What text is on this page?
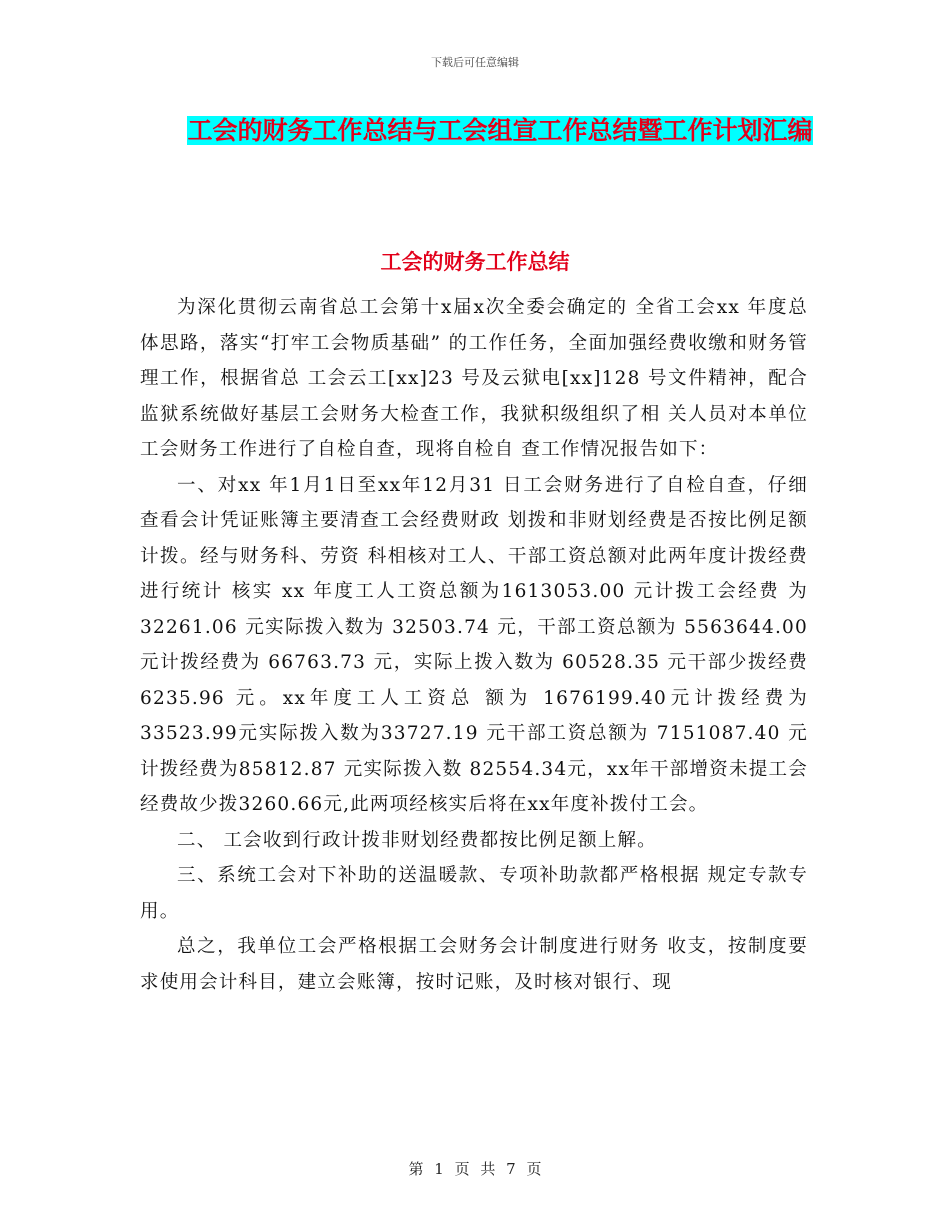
下载后可任意编辑
工会的财务工作总结与工会组宣工作总结暨工作计划汇编
工会的财务工作总结

为深化贯彻云南省总工会第十x届x次全委会确定的 全省工会xx 年度总体思路，落实“打牢工会物质基础” 的工作任务，全面加强经费收缴和财务管理工作，根据省总 工会云工[xx]23 号及云狱电[xx]128 号文件精神，配合 监狱系统做好基层工会财务大检查工作，我狱积级组织了相 关人员对本单位工会财务工作进行了自检自查，现将自检自 查工作情况报告如下：

一、对xx 年1月1日至xx年12月31 日工会财务进行了自检自查，仔细查看会计凭证账簿主要清查工会经费财政 划拨和非财划经费是否按比例足额计拨。经与财务科、劳资 科相核对工人、干部工资总额对此两年度计拨经费进行统计 核实 xx 年度工人工资总额为1613053.00 元计拨工会经费 为32261.06 元实际拨入数为 32503.74 元，干部工资总额为 5563644.00 元计拨经费为 66763.73 元，实际上拨入数为 60528.35 元干部少拨经费6235.96 元。xx年度工人工资总 额为 1676199.40元计拨经费为33523.99元实际拨入数为33727.19 元干部工资总额为 7151087.40 元计拨经费为85812.87 元实际拨入数 82554.34元，xx年干部增资未提工会经费故少拨3260.66元,此两项经核实后将在xx年度补拨付工会。

二、 工会收到行政计拨非财划经费都按比例足额上解。

三、系统工会对下补助的送温暖款、专项补助款都严格根据 规定专款专用。

总之，我单位工会严格根据工会财务会计制度进行财务 收支，按制度要求使用会计科目，建立会账簿，按时记账，及时核对银行、现

第 1 页 共 7 页
